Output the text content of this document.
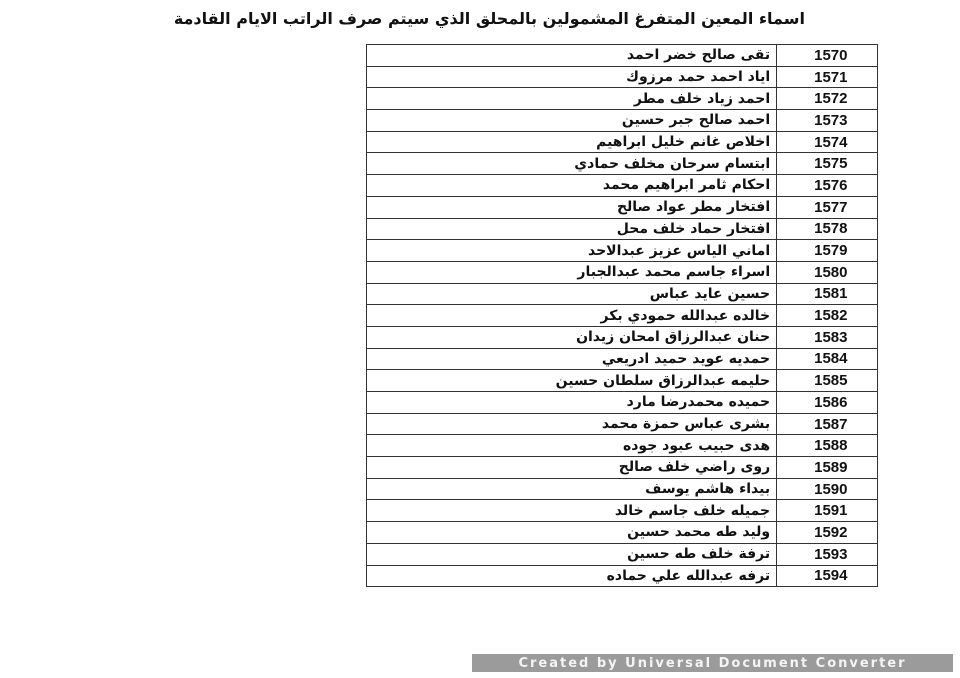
اسماء المعين المتفرغ المشمولين بالمحلق الذي سيتم صرف الراتب الايام القادمة
تقى صالح خضر احمد	1570
اياد احمد حمد مرزوك	1571
احمد زياد خلف مطر	1572
احمد صالح جبر حسين	1573
اخلاص غانم خليل ابراهيم	1574
ابتسام سرحان مخلف حمادي	1575
احكام ثامر ابراهيم محمد	1576
افتخار مطر عواد صالح	1577
افتخار حماد خلف محل	1578
اماني الياس عزيز عبدالاحد	1579
اسراء جاسم محمد عبدالجبار	1580
حسين عايد عباس	1581
خالده عبدالله حمودي بكر	1582
حنان عبدالرزاق امحان زيدان	1583
حمديه عويد حميد ادريعي	1584
حليمه عبدالرزاق سلطان حسين	1585
حميده محمدرضا مارد	1586
بشرى عباس حمزة محمد	1587
هدى حبيب عبود جوده	1588
روى راضي خلف صالح	1589
بيداء هاشم يوسف	1590
جميله خلف جاسم خالد	1591
وليد طه محمد حسين	1592
ترفة خلف طه حسين	1593
ترفه عبدالله علي حماده	1594
Created by Universal Document Converter
